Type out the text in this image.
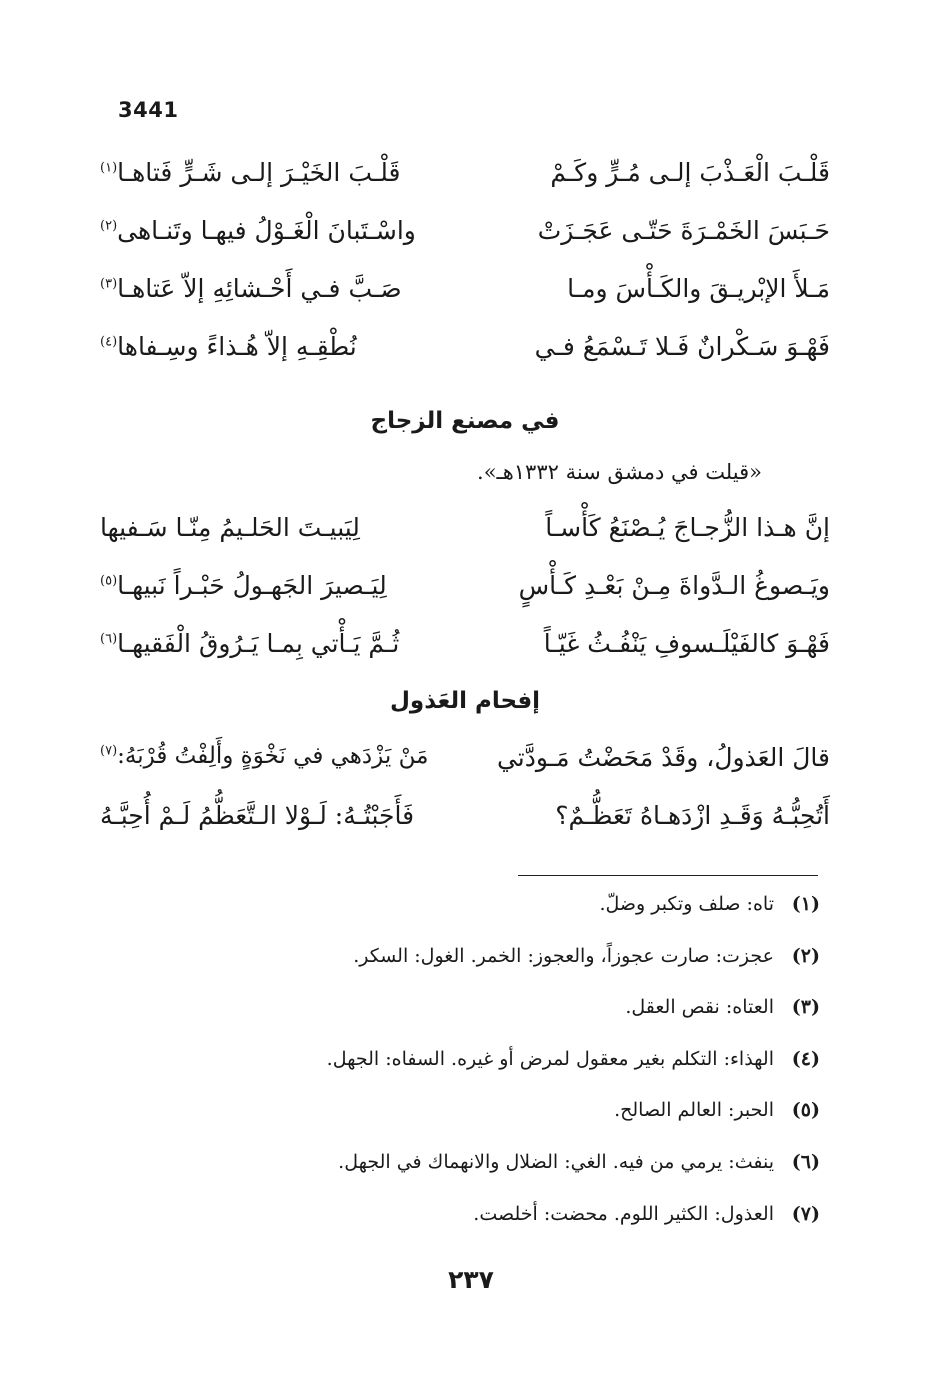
3441
قَلْـبَ الْعَـذْبَ إلـى مُـرٍّ وكَـمْ
قَلْـبَ الخَيْـرَ إلـى شَـرٍّ فَتاهـا$^{(١)}$
حَـبَسَ الخَمْـرَةَ حَتّـى عَجَـزَتْ
واسْـتَبانَ الْغَـوْلُ فيهـا وتَنـاهى$^{(٢)}$
مَـلأَ الإبْريـقَ والكَـأْسَ ومـا
صَـبَّ فـي أَحْـشائِهِ إلاّ عَتاهـا$^{(٣)}$
فَهْـوَ سَـكْرانٌ فَـلا تَـسْمَعُ فـي
نُطْقِـهِ إلاّ هُـذاءً وسِـفاها$^{(٤)}$
في مصنع الزجاج
«قيلت في دمشق سنة ١٣٣٢هـ».
إنَّ هـذا الزُّجـاجَ يُـصْنَعُ كَأْسـاً
لِيَبيـتَ الحَلـيمُ مِنّـا سَـفيها
ويَـصوغُ الـدَّواةَ مِـنْ بَعْـدِ كَـأْسٍ
لِيَـصيرَ الجَهـولُ حَبْـراً نَبيهـا$^{(٥)}$
فَهْـوَ كالفَيْلَـسوفِ يَنْفُـثُ غَيّـاً
ثُـمَّ يَـأْتي بِمـا يَـرُوقُ الْفَقيهـا$^{(٦)}$
إفحام العَذول
قالَ العَذولُ، وقَدْ مَحَضْتُ مَـودَّتي
مَنْ يَزْدَهي في نَخْوَةٍ وأَلِفْتُ قُرْبَهُ:$^{(٧)}$
أَتُحِبُّـهُ وَقَـدِ ازْدَهـاهُ تَعَظُّـمٌ؟
فَأَجَبْتُـهُ: لَـوْلا الـتَّعَظُّمُ لَـمْ أُحِبَّـهُ
(١)
تاه: صلف وتكبر وضلّ.
(٢)
عجزت: صارت عجوزاً، والعجوز: الخمر. الغول: السكر.
(٣)
العتاه: نقص العقل.
(٤)
الهذاء: التكلم بغير معقول لمرض أو غيره. السفاه: الجهل.
(٥)
الحبر: العالم الصالح.
(٦)
ينفث: يرمي من فيه. الغي: الضلال والانهماك في الجهل.
(٧)
العذول: الكثير اللوم. محضت: أخلصت.
٢٣٧
